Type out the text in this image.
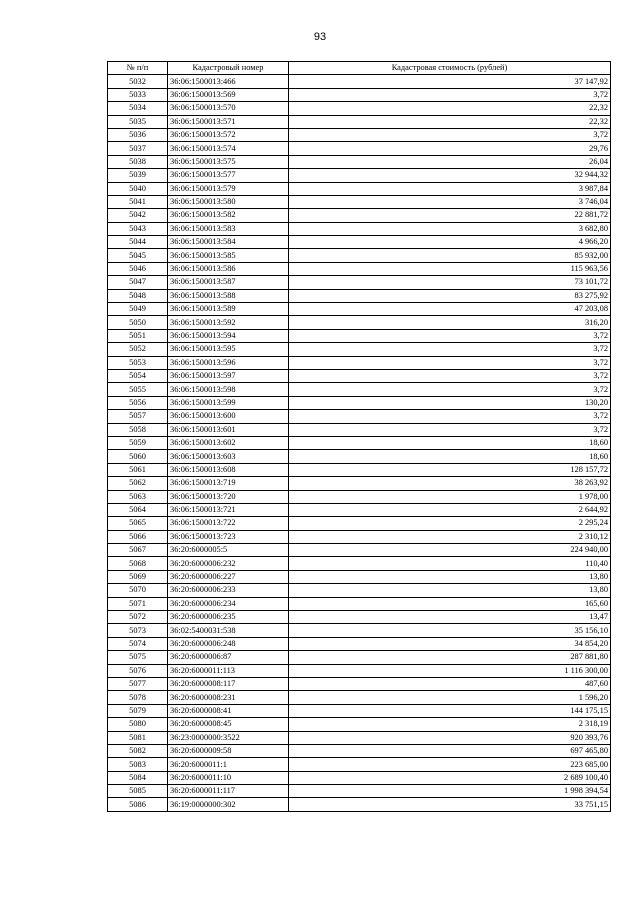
93
№ п/п	Кадастровый номер	Кадастровая стоимость (рублей)
5032	36:06:1500013:466	37 147,92
5033	36:06:1500013:569	3,72
5034	36:06:1500013:570	22,32
5035	36:06:1500013:571	22,32
5036	36:06:1500013:572	3,72
5037	36:06:1500013:574	29,76
5038	36:06:1500013:575	26,04
5039	36:06:1500013:577	32 944,32
5040	36:06:1500013:579	3 987,84
5041	36:06:1500013:580	3 746,04
5042	36:06:1500013:582	22 881,72
5043	36:06:1500013:583	3 682,80
5044	36:06:1500013:584	4 966,20
5045	36:06:1500013:585	85 932,00
5046	36:06:1500013:586	115 963,56
5047	36:06:1500013:587	73 101,72
5048	36:06:1500013:588	83 275,92
5049	36:06:1500013:589	47 203,08
5050	36:06:1500013:592	316,20
5051	36:06:1500013:594	3,72
5052	36:06:1500013:595	3,72
5053	36:06:1500013:596	3,72
5054	36:06:1500013:597	3,72
5055	36:06:1500013:598	3,72
5056	36:06:1500013:599	130,20
5057	36:06:1500013:600	3,72
5058	36:06:1500013:601	3,72
5059	36:06:1500013:602	18,60
5060	36:06:1500013:603	18,60
5061	36:06:1500013:608	128 157,72
5062	36:06:1500013:719	38 263,92
5063	36:06:1500013:720	1 978,00
5064	36:06:1500013:721	2 644,92
5065	36:06:1500013:722	2 295,24
5066	36:06:1500013:723	2 310,12
5067	36:20:6000005:5	224 940,00
5068	36:20:6000006:232	110,40
5069	36:20:6000006:227	13,80
5070	36:20:6000006:233	13,80
5071	36:20:6000006:234	165,60
5072	36:20:6000006:235	13,47
5073	36:02:5400031:538	35 156,10
5074	36:20:6000006:248	34 854,20
5075	36:20:6000006:87	287 881,80
5076	36:20:6000011:113	1 116 300,00
5077	36:20:6000008:117	487,60
5078	36:20:6000008:231	1 596,20
5079	36:20:6000008:41	144 175,15
5080	36:20:6000008:45	2 318,19
5081	36:23:0000000:3522	920 393,76
5082	36:20:6000009:58	697 465,80
5083	36:20:6000011:1	223 685,00
5084	36:20:6000011:10	2 689 100,40
5085	36:20:6000011:117	1 998 394,54
5086	36:19:0000000:302	33 751,15
